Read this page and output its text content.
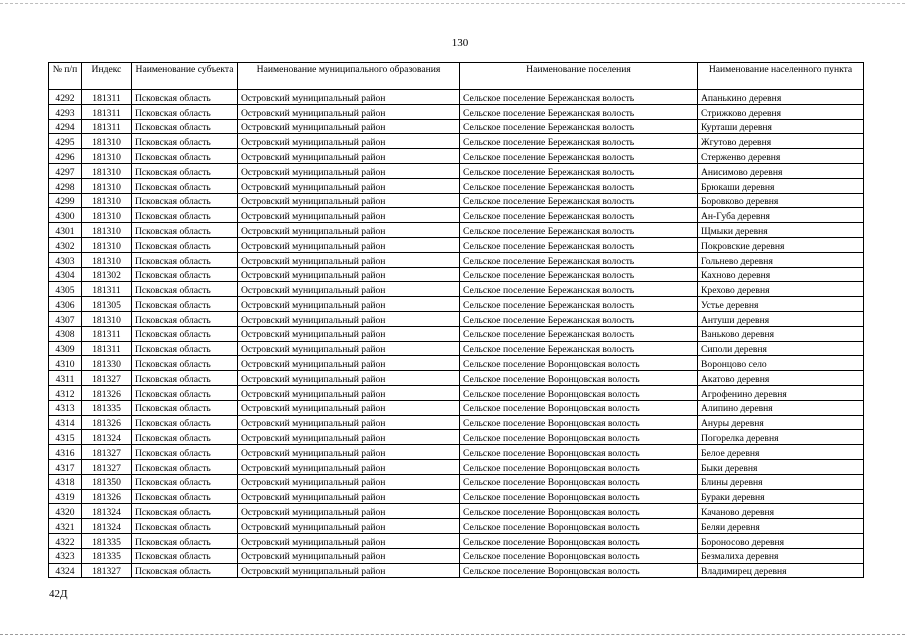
130
№ п/п	Индекс	Наименование субъекта	Наименование муниципального образования	Наименование поселения	Наименование населенного пункта
4292	181311	Псковская область	Островский муниципальный район	Сельское поселение Бережанская волость	Апанькино деревня
4293	181311	Псковская область	Островский муниципальный район	Сельское поселение Бережанская волость	Стрижково деревня
4294	181311	Псковская область	Островский муниципальный район	Сельское поселение Бережанская волость	Курташи деревня
4295	181310	Псковская область	Островский муниципальный район	Сельское поселение Бережанская волость	Жгутово деревня
4296	181310	Псковская область	Островский муниципальный район	Сельское поселение Бережанская волость	Стерженво деревня
4297	181310	Псковская область	Островский муниципальный район	Сельское поселение Бережанская волость	Анисимово деревня
4298	181310	Псковская область	Островский муниципальный район	Сельское поселение Бережанская волость	Брюкаши деревня
4299	181310	Псковская область	Островский муниципальный район	Сельское поселение Бережанская волость	Боровково деревня
4300	181310	Псковская область	Островский муниципальный район	Сельское поселение Бережанская волость	Ан-Губа деревня
4301	181310	Псковская область	Островский муниципальный район	Сельское поселение Бережанская волость	Щмыки деревня
4302	181310	Псковская область	Островский муниципальный район	Сельское поселение Бережанская волость	Покровские деревня
4303	181310	Псковская область	Островский муниципальный район	Сельское поселение Бережанская волость	Гольнево деревня
4304	181302	Псковская область	Островский муниципальный район	Сельское поселение Бережанская волость	Кахново деревня
4305	181311	Псковская область	Островский муниципальный район	Сельское поселение Бережанская волость	Крехово деревня
4306	181305	Псковская область	Островский муниципальный район	Сельское поселение Бережанская волость	Устье деревня
4307	181310	Псковская область	Островский муниципальный район	Сельское поселение Бережанская волость	Антуши деревня
4308	181311	Псковская область	Островский муниципальный район	Сельское поселение Бережанская волость	Ваньково деревня
4309	181311	Псковская область	Островский муниципальный район	Сельское поселение Бережанская волость	Сиполи деревня
4310	181330	Псковская область	Островский муниципальный район	Сельское поселение Воронцовская волость	Воронцово село
4311	181327	Псковская область	Островский муниципальный район	Сельское поселение Воронцовская волость	Акатово деревня
4312	181326	Псковская область	Островский муниципальный район	Сельское поселение Воронцовская волость	Агрофенино деревня
4313	181335	Псковская область	Островский муниципальный район	Сельское поселение Воронцовская волость	Алипино деревня
4314	181326	Псковская область	Островский муниципальный район	Сельское поселение Воронцовская волость	Ануры деревня
4315	181324	Псковская область	Островский муниципальный район	Сельское поселение Воронцовская волость	Погорелка деревня
4316	181327	Псковская область	Островский муниципальный район	Сельское поселение Воронцовская волость	Белое деревня
4317	181327	Псковская область	Островский муниципальный район	Сельское поселение Воронцовская волость	Быки деревня
4318	181350	Псковская область	Островский муниципальный район	Сельское поселение Воронцовская волость	Блины деревня
4319	181326	Псковская область	Островский муниципальный район	Сельское поселение Воронцовская волость	Бураки деревня
4320	181324	Псковская область	Островский муниципальный район	Сельское поселение Воронцовская волость	Качаново деревня
4321	181324	Псковская область	Островский муниципальный район	Сельское поселение Воронцовская волость	Беляи деревня
4322	181335	Псковская область	Островский муниципальный район	Сельское поселение Воронцовская волость	Бороносово деревня
4323	181335	Псковская область	Островский муниципальный район	Сельское поселение Воронцовская волость	Безмалиха деревня
4324	181327	Псковская область	Островский муниципальный район	Сельское поселение Воронцовская волость	Владимирец деревня
42Д
